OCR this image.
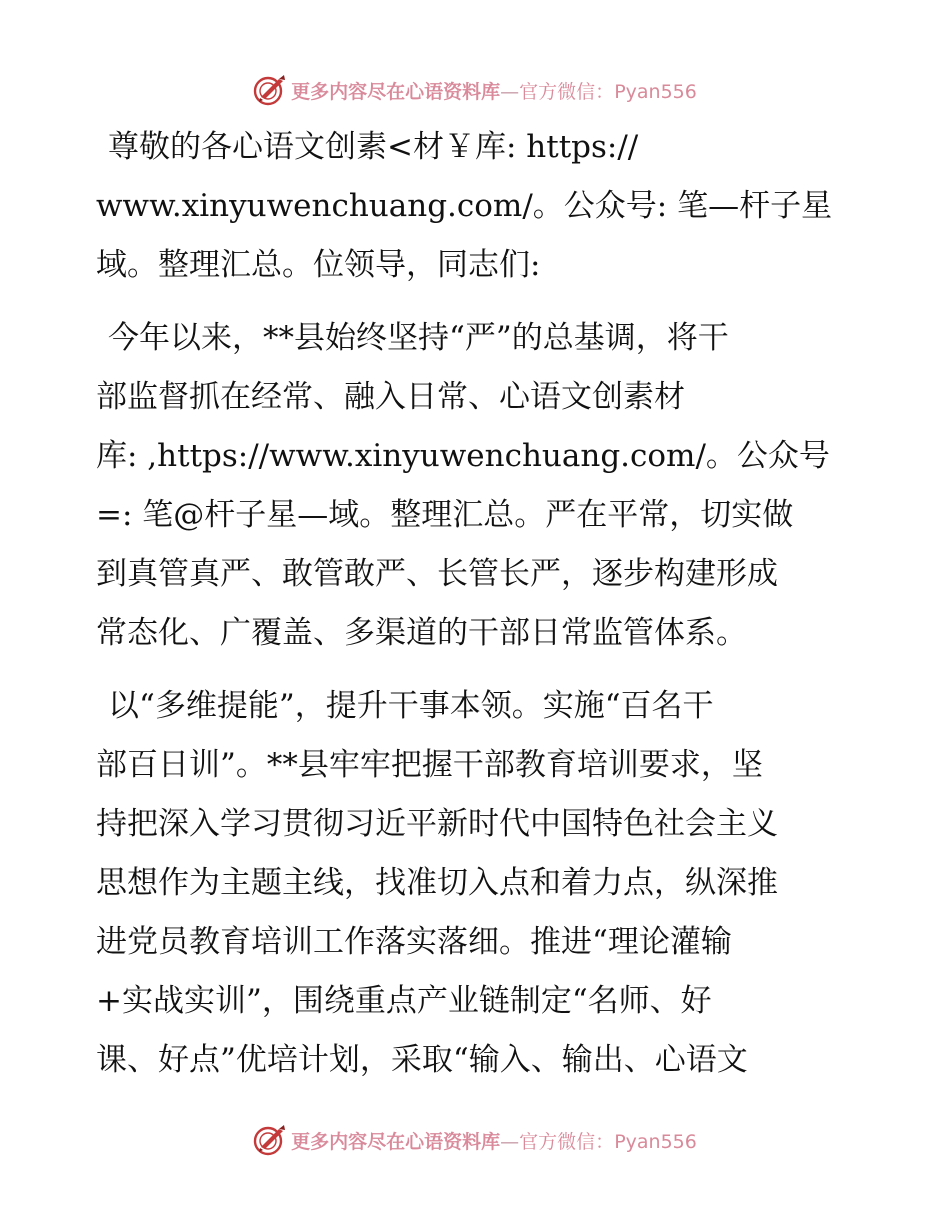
更多内容尽在心语资料库—官方微信：Pyan556
尊敬的各心语文创素<材￥库: https://
www.xinyuwenchuang.com/。公众号: 笔—杆子星
域。整理汇总。位领导，同志们:
今年以来，**县始终坚持“严”的总基调，将干
部监督抓在经常、融入日常、心语文创素材
库: ,https://www.xinyuwenchuang.com/。公众号
=: 笔@杆子星—域。整理汇总。严在平常，切实做
到真管真严、敢管敢严、长管长严，逐步构建形成
常态化、广覆盖、多渠道的干部日常监管体系。
以“多维提能”，提升干事本领。实施“百名干
部百日训”。**县牢牢把握干部教育培训要求，坚
持把深入学习贯彻习近平新时代中国特色社会主义
思想作为主题主线，找准切入点和着力点，纵深推
进党员教育培训工作落实落细。推进“理论灌输
+实战实训”，围绕重点产业链制定“名师、好
课、好点”优培计划，采取“输入、输出、心语文
更多内容尽在心语资料库—官方微信：Pyan556
